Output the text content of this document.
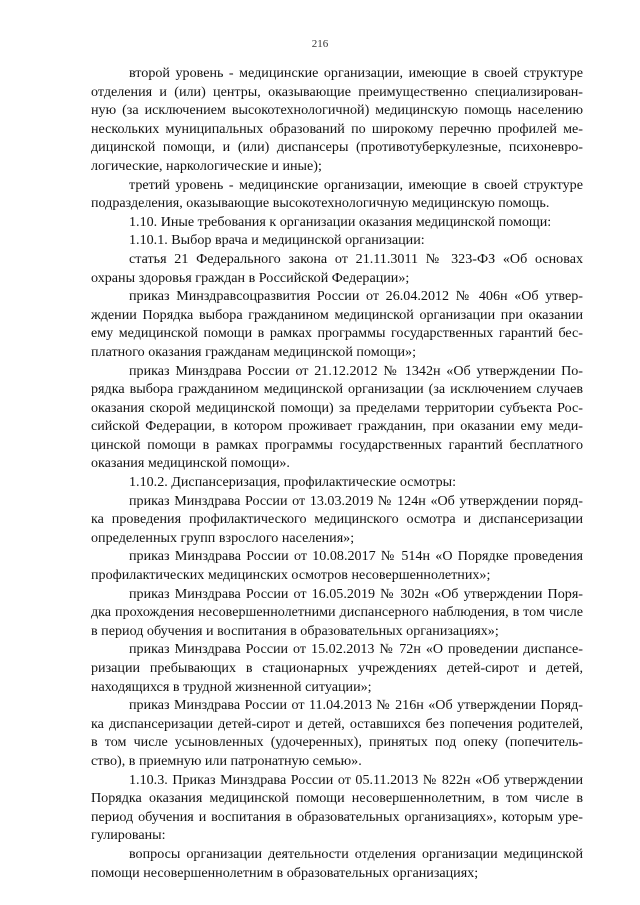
216
второй уровень - медицинские организации, имеющие в своей структуре
отделения и (или) центры, оказывающие преимущественно специализирован-
ную (за исключением высокотехнологичной) медицинскую помощь населению
нескольких муниципальных образований по широкому перечню профилей ме-
дицинской помощи, и (или) диспансеры (противотуберкулезные, психоневро-
логические, наркологические и иные);
третий уровень - медицинские организации, имеющие в своей структуре
подразделения, оказывающие высокотехнологичную медицинскую помощь.
1.10. Иные требования к организации оказания медицинской помощи:
1.10.1. Выбор врача и медицинской организации:
статья 21 Федерального закона от 21.11.3011 № 323-ФЗ «Об основах
охраны здоровья граждан в Российской Федерации»;
приказ Минздравсоцразвития России от 26.04.2012 № 406н «Об утвер-
ждении Порядка выбора гражданином медицинской организации при оказании
ему медицинской помощи в рамках программы государственных гарантий бес-
платного оказания гражданам медицинской помощи»;
приказ Минздрава России от 21.12.2012 № 1342н «Об утверждении По-
рядка выбора гражданином медицинской организации (за исключением случаев
оказания скорой медицинской помощи) за пределами территории субъекта Рос-
сийской Федерации, в котором проживает гражданин, при оказании ему меди-
цинской помощи в рамках программы государственных гарантий бесплатного
оказания медицинской помощи».
1.10.2. Диспансеризация, профилактические осмотры:
приказ Минздрава России от 13.03.2019 № 124н «Об утверждении поряд-
ка проведения профилактического медицинского осмотра и диспансеризации
определенных групп взрослого населения»;
приказ Минздрава России от 10.08.2017 № 514н «О Порядке проведения
профилактических медицинских осмотров несовершеннолетних»;
приказ Минздрава России от 16.05.2019 № 302н «Об утверждении Поря-
дка прохождения несовершеннолетними диспансерного наблюдения, в том числе
в период обучения и воспитания в образовательных организациях»;
приказ Минздрава России от 15.02.2013 № 72н «О проведении диспансе-
ризации пребывающих в стационарных учреждениях детей-сирот и детей,
находящихся в трудной жизненной ситуации»;
приказ Минздрава России от 11.04.2013 № 216н «Об утверждении Поряд-
ка диспансеризации детей-сирот и детей, оставшихся без попечения родителей,
в том числе усыновленных (удочеренных), принятых под опеку (попечитель-
ство), в приемную или патронатную семью».
1.10.3. Приказ Минздрава России от 05.11.2013 № 822н «Об утверждении
Порядка оказания медицинской помощи несовершеннолетним, в том числе в
период обучения и воспитания в образовательных организациях», которым уре-
гулированы:
вопросы организации деятельности отделения организации медицинской
помощи несовершеннолетним в образовательных организациях;
